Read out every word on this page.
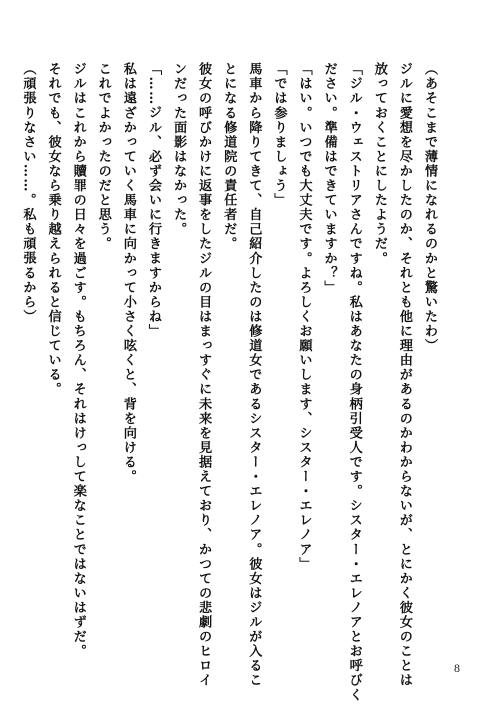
（あそこまで薄情になれるのかと驚いたわ）
ジルに愛想を尽かしたのか、それとも他に理由があるのかわからないが、とにかく彼女のことは
放っておくことにしたようだ。
「ジル・ウェストリアさんですね。私はあなたの身柄引受人です。シスター・エレノアとお呼びく
ださい。準備はできていますか？」
「はい。いつでも大丈夫です。よろしくお願いします、シスター・エレノア」
「では参りましょう」
馬車から降りてきて、自己紹介したのは修道女であるシスター・エレノア。彼女はジルが入るこ
とになる修道院の責任者だ。
彼女の呼びかけに返事をしたジルの目はまっすぐに未来を見据えており、かつての悲劇のヒロイ
ンだった面影はなかった。
「……ジル、必ず会いに行きますからね」
私は遠ざかっていく馬車に向かって小さく呟くと、背を向ける。
これでよかったのだと思う。
ジルはこれから贖罪の日々を過ごす。もちろん、それはけっして楽なことではないはずだ。
それでも、彼女なら乗り越えられると信じている。
（頑張りなさい……。私も頑張るから）
8
